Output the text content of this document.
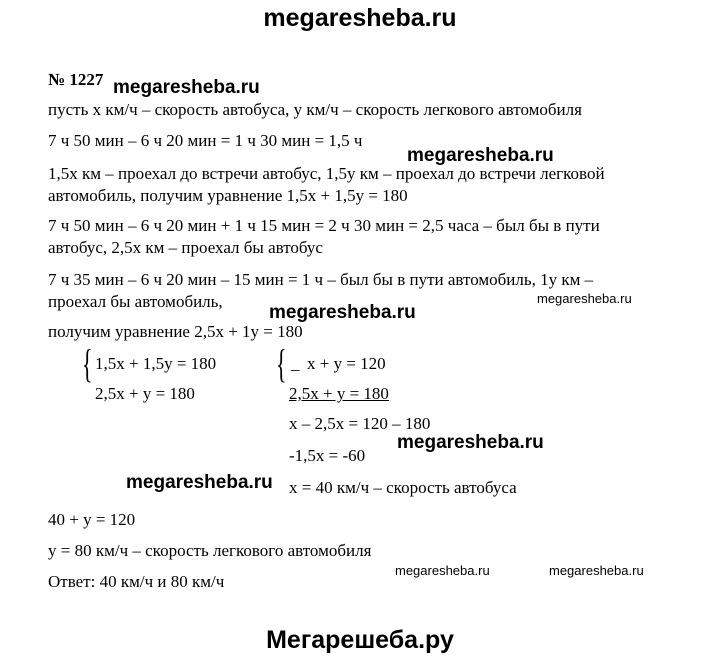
megaresheba.ru
№ 1227 megaresheba.ru
пусть х км/ч – скорость автобуса, у км/ч – скорость легкового автомобиля
7 ч 50 мин – 6 ч 20 мин = 1 ч 30 мин = 1,5 ч
megaresheba.ru
1,5х км – проехал до встречи автобус, 1,5у км – проехал до встречи легковой
автомобиль, получим уравнение 1,5х + 1,5у = 180
7 ч 50 мин – 6 ч 20 мин + 1 ч 15 мин = 2 ч 30 мин = 2,5 часа – был бы в пути
автобус, 2,5х км – проехал бы автобус
7 ч 35 мин – 6 ч 20 мин – 15 мин = 1 ч – был бы в пути автомобиль, 1у км –
проехал бы автомобиль,	megaresheba.ru
megaresheba.ru
получим уравнение 2,5х + 1у = 180
{ 1,5х + 1,5у = 180
2,5х + у = 180
{ _ х + у = 120
2,5х + у = 180
х – 2,5х = 120 – 180
megaresheba.ru
-1,5х = -60
megaresheba.ru х = 40 км/ч – скорость автобуса
40 + у = 120
у = 80 км/ч – скорость легкового автомобиля
megaresheba.ru	megaresheba.ru
Ответ: 40 км/ч и 80 км/ч
Мегарешеба.ру
